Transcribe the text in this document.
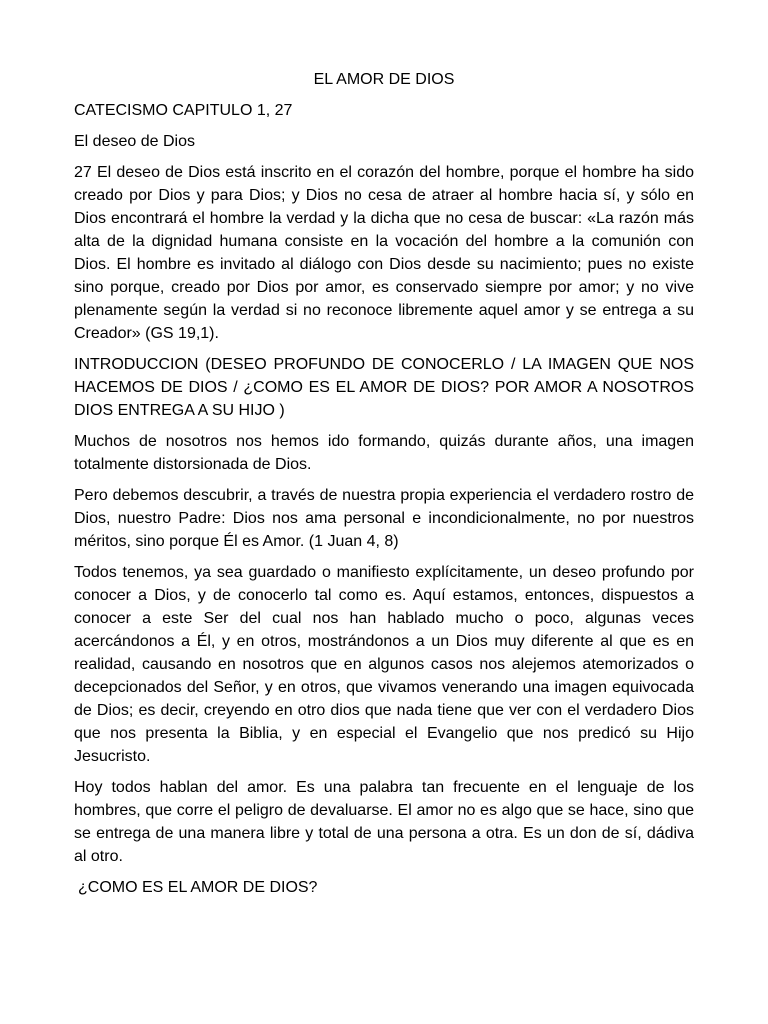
EL AMOR DE DIOS
CATECISMO CAPITULO 1, 27
El deseo de Dios
27 El deseo de Dios está inscrito en el corazón del hombre, porque el hombre ha sido creado por Dios y para Dios; y Dios no cesa de atraer al hombre hacia sí, y sólo en Dios encontrará el hombre la verdad y la dicha que no cesa de buscar: «La razón más alta de la dignidad humana consiste en la vocación del hombre a la comunión con Dios. El hombre es invitado al diálogo con Dios desde su nacimiento; pues no existe sino porque, creado por Dios por amor, es conservado siempre por amor; y no vive plenamente según la verdad si no reconoce libremente aquel amor y se entrega a su Creador» (GS 19,1).
INTRODUCCION (DESEO PROFUNDO DE CONOCERLO / LA IMAGEN QUE NOS HACEMOS DE DIOS / ¿COMO ES EL AMOR DE DIOS? POR AMOR A NOSOTROS DIOS ENTREGA A SU HIJO )
Muchos de nosotros nos hemos ido formando, quizás durante años, una imagen totalmente distorsionada de Dios.
Pero debemos descubrir, a través de nuestra propia experiencia el verdadero rostro de Dios, nuestro Padre: Dios nos ama personal e incondicionalmente, no por nuestros méritos, sino porque Él es Amor. (1 Juan 4, 8)
Todos tenemos, ya sea guardado o manifiesto explícitamente, un deseo profundo por conocer a Dios, y de conocerlo tal como es. Aquí estamos, entonces, dispuestos a conocer a este Ser del cual nos han hablado mucho o poco, algunas veces acercándonos a Él, y en otros, mostrándonos a un Dios muy diferente al que es en realidad, causando en nosotros que en algunos casos nos alejemos atemorizados o decepcionados del Señor, y en otros, que vivamos venerando una imagen equivocada de Dios; es decir, creyendo en otro dios que nada tiene que ver con el verdadero Dios que nos presenta la Biblia, y en especial el Evangelio que nos predicó su Hijo Jesucristo.
Hoy todos hablan del amor. Es una palabra tan frecuente en el lenguaje de los hombres, que corre el peligro de devaluarse. El amor no es algo que se hace, sino que se entrega de una manera libre y total de una persona a otra. Es un don de sí, dádiva al otro.
¿COMO ES EL AMOR DE DIOS?
